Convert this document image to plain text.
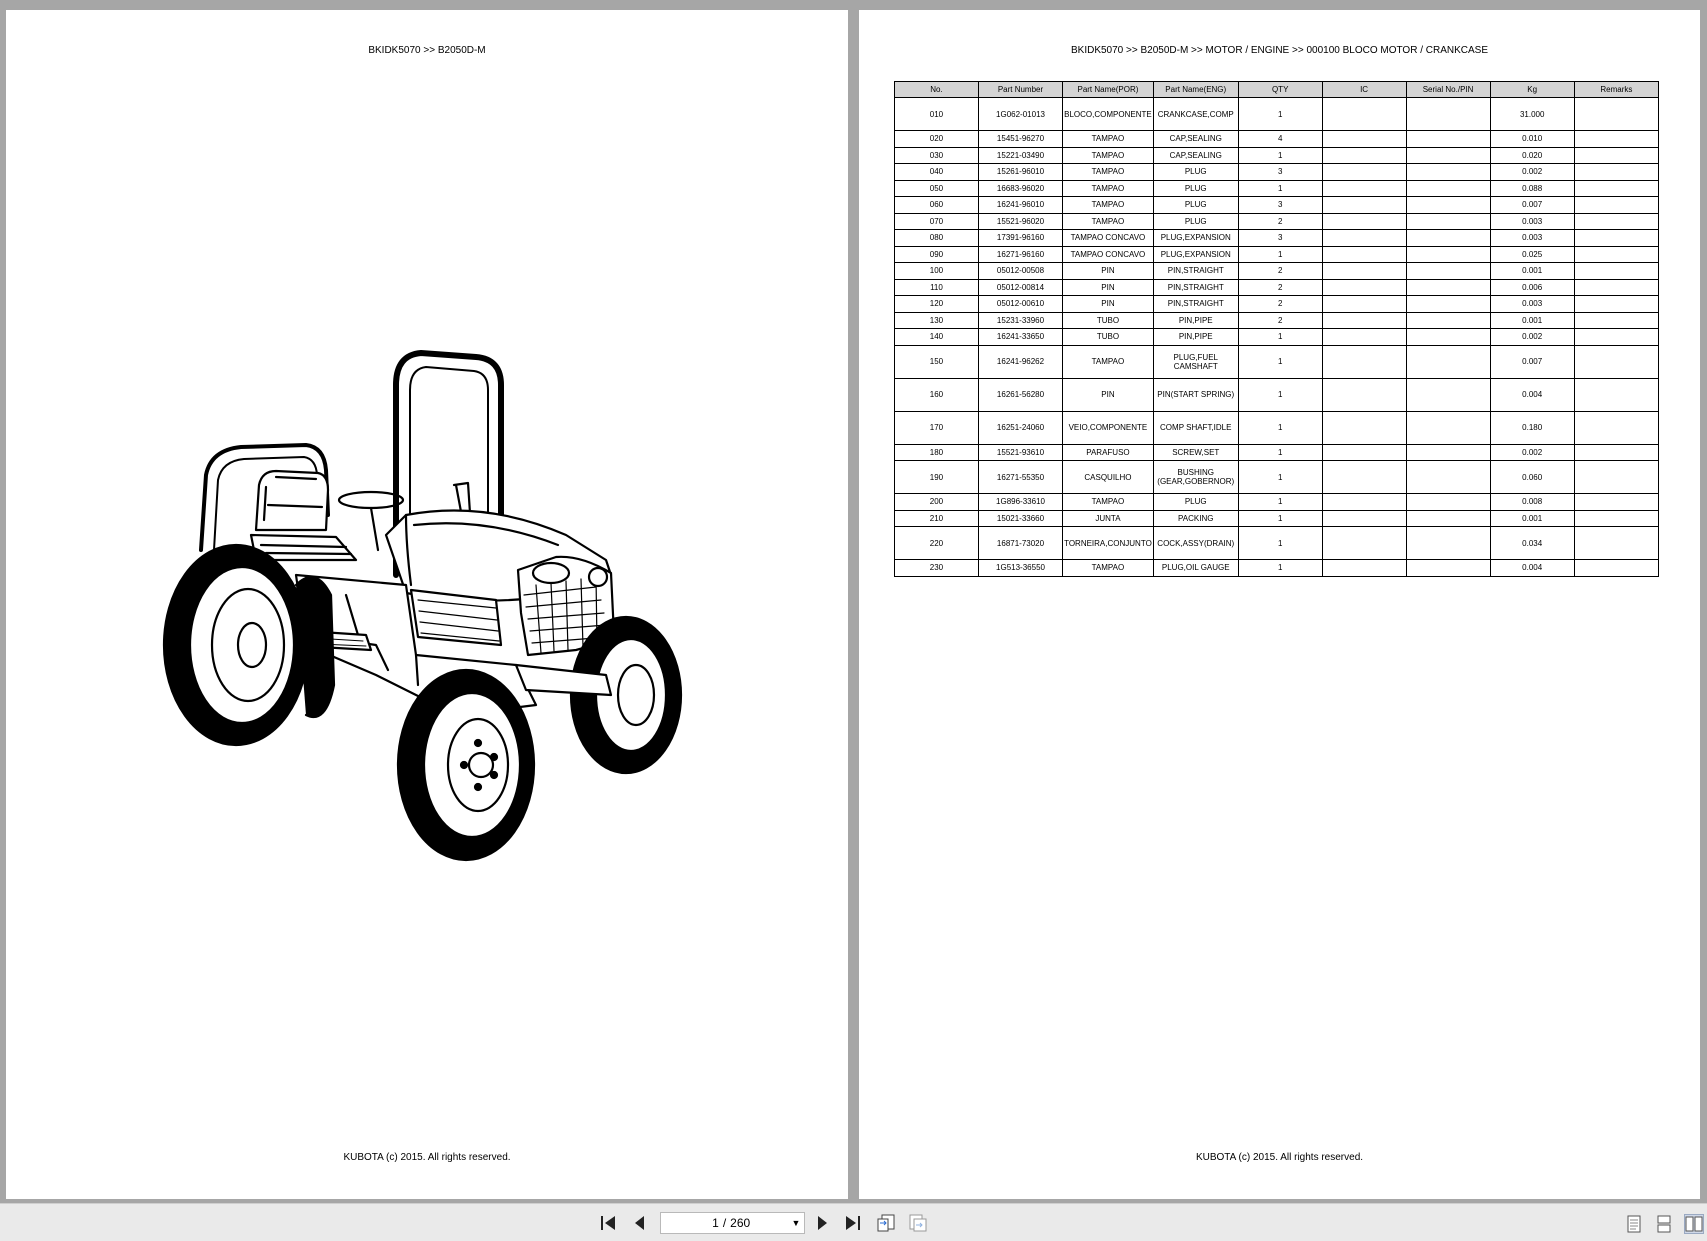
BKIDK5070 >> B2050D-M
KUBOTA (c) 2015. All rights reserved.
BKIDK5070 >> B2050D-M >> MOTOR / ENGINE >> 000100 BLOCO MOTOR / CRANKCASE
No.	Part Number	Part Name(POR)	Part Name(ENG)	QTY	IC	Serial No./PIN	Kg	Remarks
010	1G062-01013	BLOCO,COMPONENTE	CRANKCASE,COMP	1			31.000	
020	15451-96270	TAMPAO	CAP,SEALING	4			0.010	
030	15221-03490	TAMPAO	CAP,SEALING	1			0.020	
040	15261-96010	TAMPAO	PLUG	3			0.002	
050	16683-96020	TAMPAO	PLUG	1			0.088	
060	16241-96010	TAMPAO	PLUG	3			0.007	
070	15521-96020	TAMPAO	PLUG	2			0.003	
080	17391-96160	TAMPAO CONCAVO	PLUG,EXPANSION	3			0.003	
090	16271-96160	TAMPAO CONCAVO	PLUG,EXPANSION	1			0.025	
100	05012-00508	PIN	PIN,STRAIGHT	2			0.001	
110	05012-00814	PIN	PIN,STRAIGHT	2			0.006	
120	05012-00610	PIN	PIN,STRAIGHT	2			0.003	
130	15231-33960	TUBO	PIN,PIPE	2			0.001	
140	16241-33650	TUBO	PIN,PIPE	1			0.002	
150	16241-96262	TAMPAO	PLUG,FUEL CAMSHAFT	1			0.007	
160	16261-56280	PIN	PIN(START SPRING)	1			0.004	
170	16251-24060	VEIO,COMPONENTE	COMP SHAFT,IDLE	1			0.180	
180	15521-93610	PARAFUSO	SCREW,SET	1			0.002	
190	16271-55350	CASQUILHO	BUSHING (GEAR,GOBERNOR)	1			0.060	
200	1G896-33610	TAMPAO	PLUG	1			0.008	
210	15021-33660	JUNTA	PACKING	1			0.001	
220	16871-73020	TORNEIRA,CONJUNTO	COCK,ASSY(DRAIN)	1			0.034	
230	1G513-36550	TAMPAO	PLUG,OIL GAUGE	1			0.004	
KUBOTA (c) 2015. All rights reserved.
1 / 260	▼
